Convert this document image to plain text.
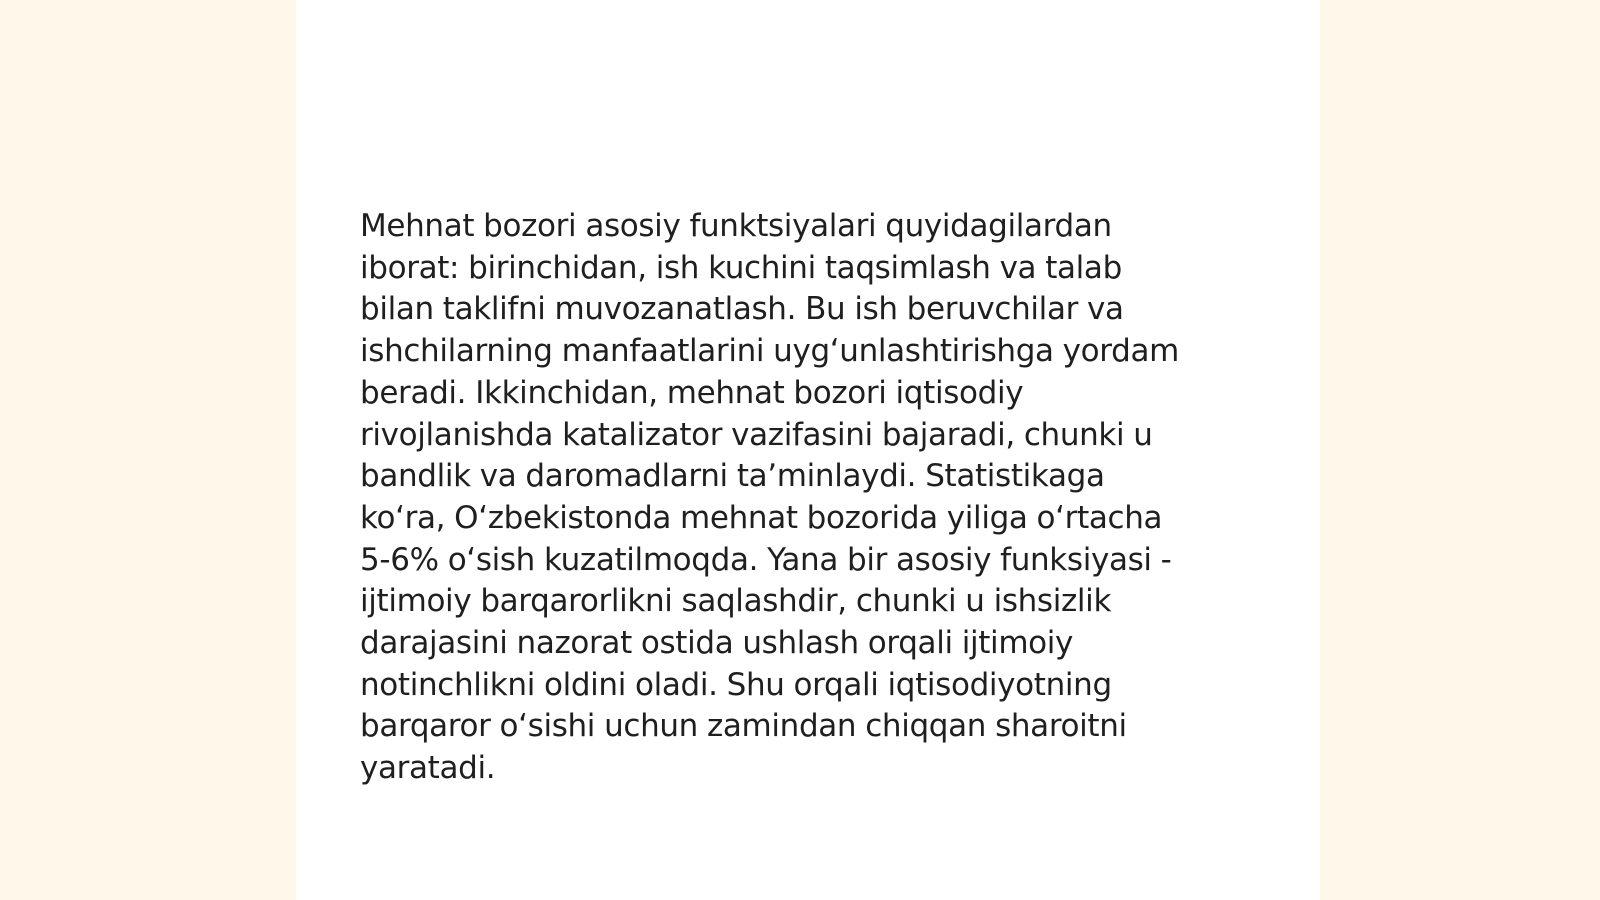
Mehnat bozori asosiy funktsiyalari quyidagilardan
iborat: birinchidan, ish kuchini taqsimlash va talab
bilan taklifni muvozanatlash. Bu ish beruvchilar va
ishchilarning manfaatlarini uygʻunlashtirishga yordam
beradi. Ikkinchidan, mehnat bozori iqtisodiy
rivojlanishda katalizator vazifasini bajaradi, chunki u
bandlik va daromadlarni taʼminlaydi. Statistikaga
koʻra, Oʻzbekistonda mehnat bozorida yiliga oʻrtacha
5-6% oʻsish kuzatilmoqda. Yana bir asosiy funksiyasi -
ijtimoiy barqarorlikni saqlashdir, chunki u ishsizlik
darajasini nazorat ostida ushlash orqali ijtimoiy
notinchlikni oldini oladi. Shu orqali iqtisodiyotning
barqaror oʻsishi uchun zamindan chiqqan sharoitni
yaratadi.
